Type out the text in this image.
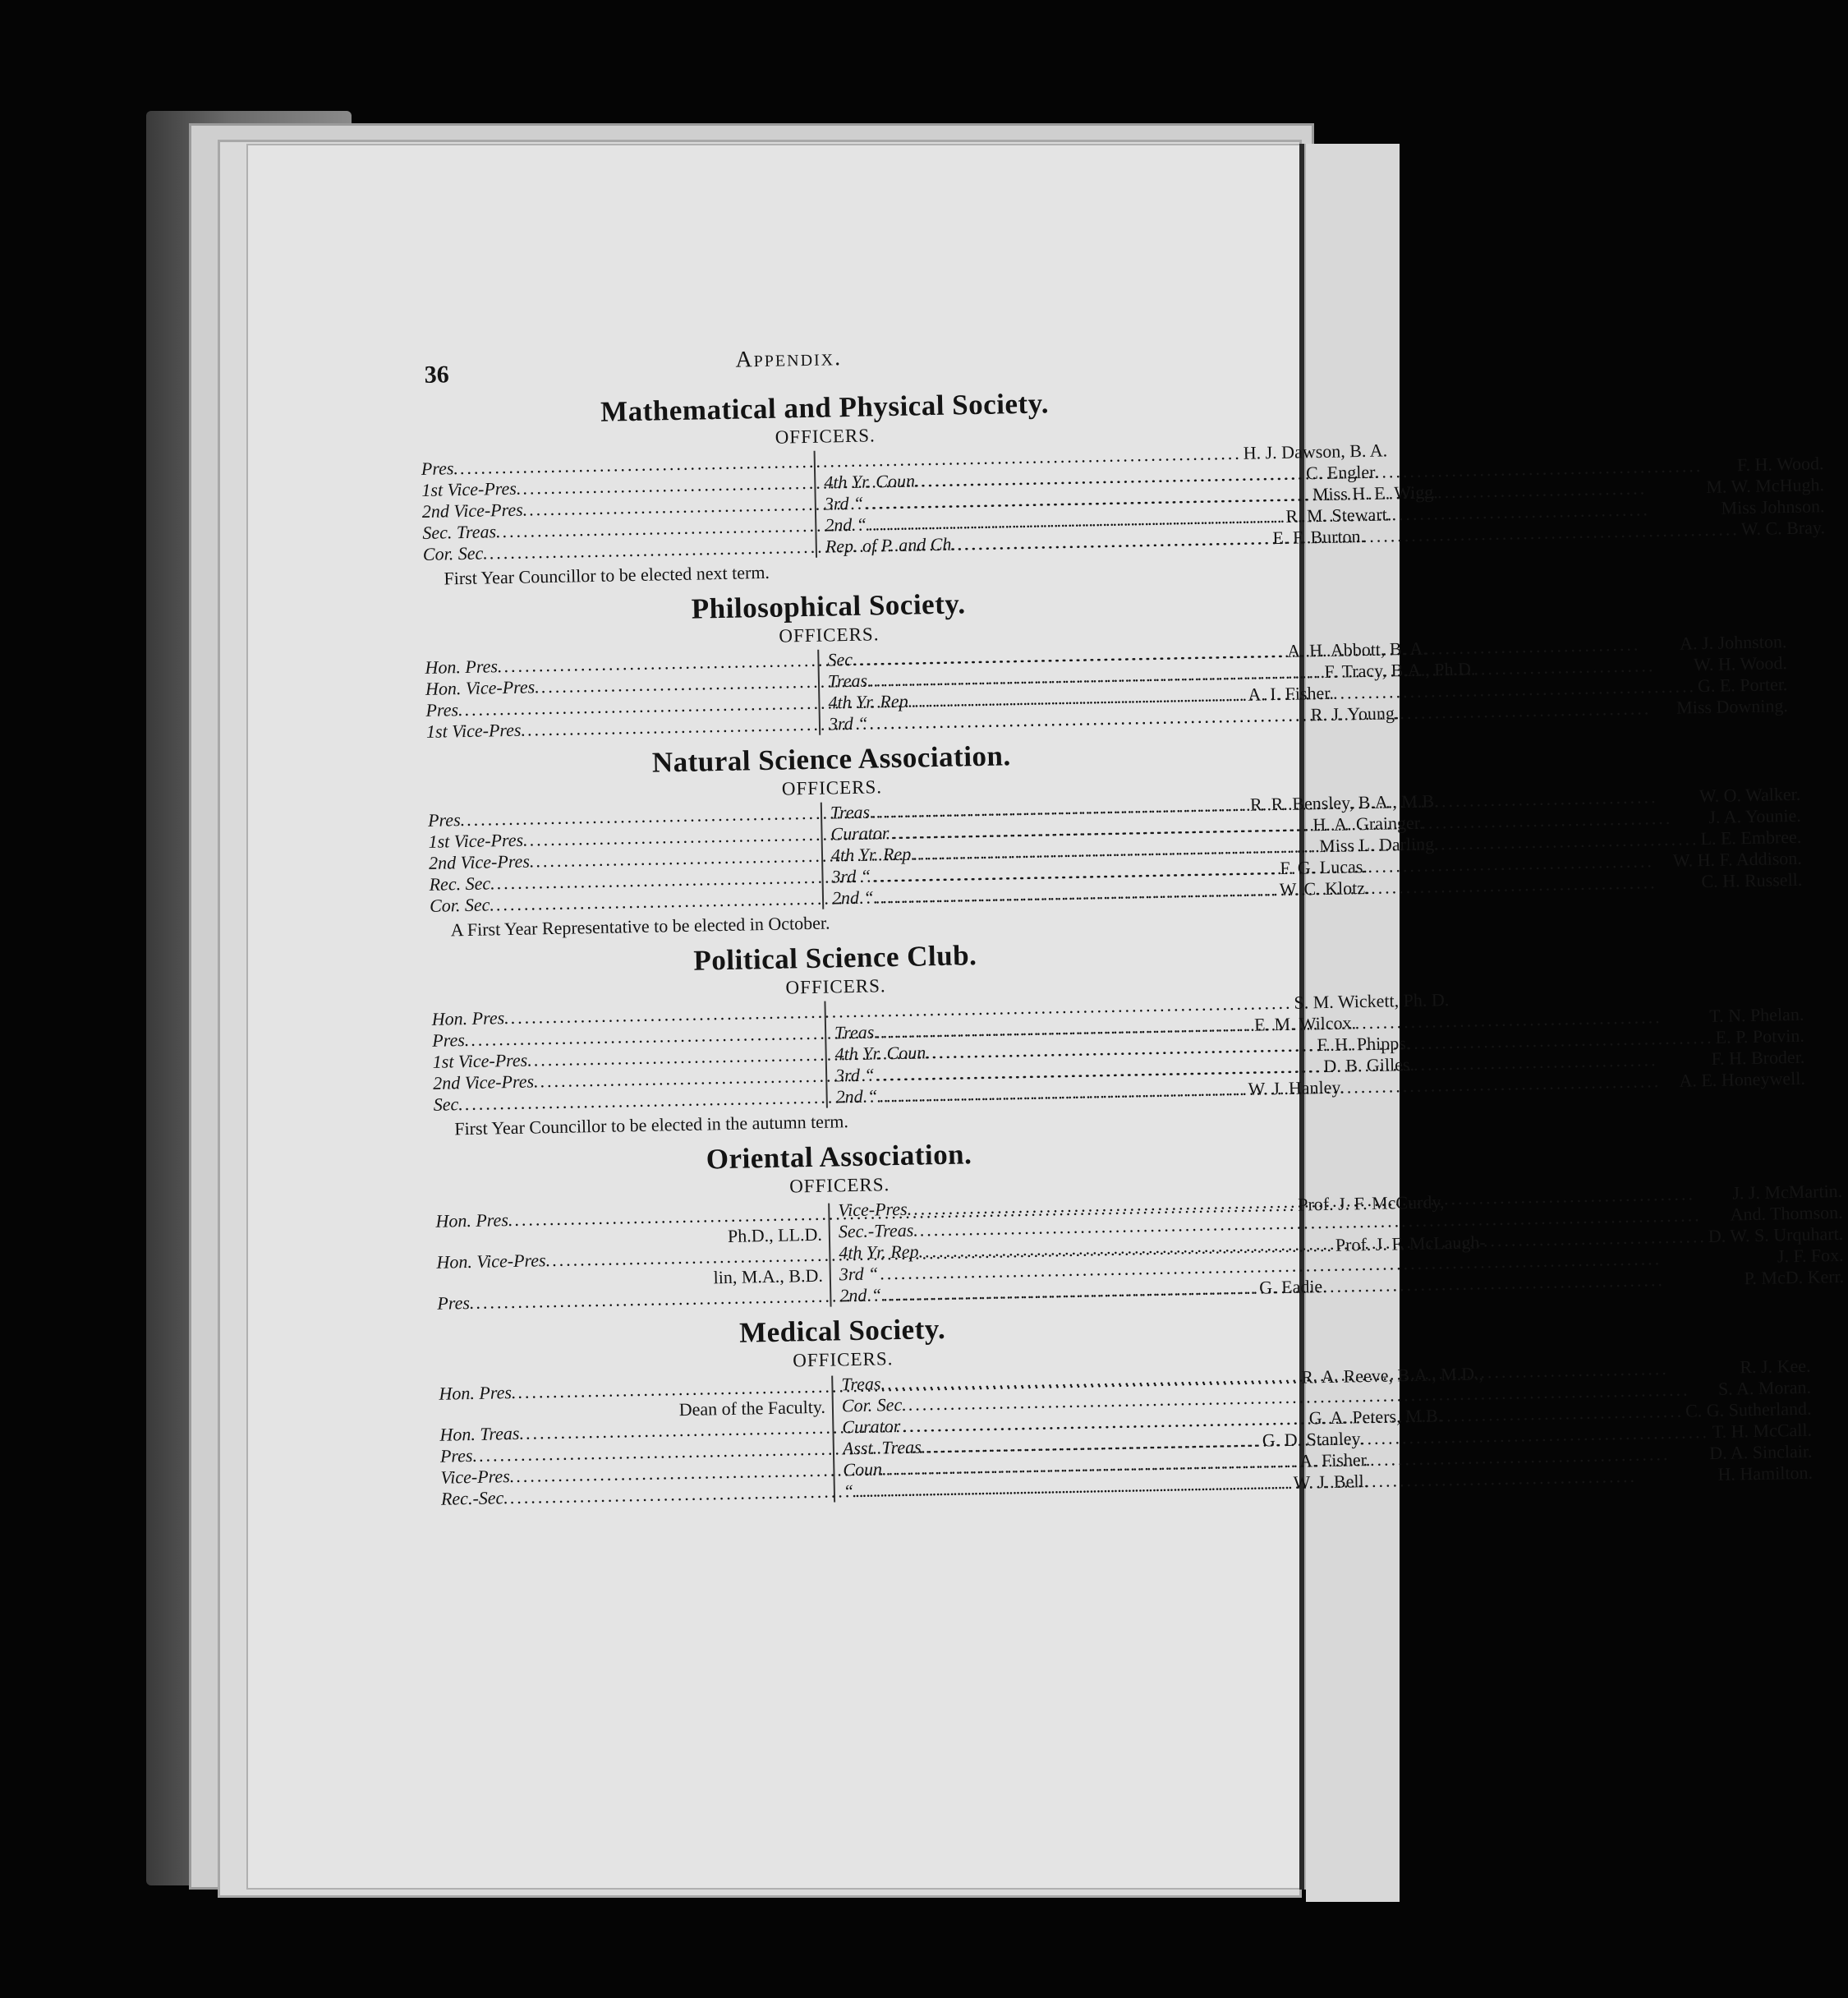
36
Appendix.
Mathematical and Physical Society.
OFFICERS.
Pres.
.....
H. J. Dawson, B. A.
1st Vice-Pres.
.....
C. Engler.
2nd Vice-Pres.
.....
Miss H. E. Wigg.
Sec. Treas.
.....
R. M. Stewart.
Cor. Sec.
.....
E. F. Burton.
4th Yr. Coun.
.....
F. H. Wood.
3rd “
.....
M. W. McHugh.
2nd “
.....
Miss Johnson.
Rep. of P. and Ch.
.....
W. C. Bray.
First Year Councillor to be elected next term.
Philosophical Society.
OFFICERS.
Hon. Pres.
.....
A. H. Abbott, B. A.
Hon. Vice-Pres.
.....
F. Tracy, B.A., Ph.D.
Pres.
.....
A. I. Fisher.
1st Vice-Pres.
.....
R. J. Young.
Sec.
.....
A. J. Johnston.
Treas.
.....
W. H. Wood.
4th Yr. Rep.
.....
G. E. Porter.
3rd “
.....
Miss Downing.
Natural Science Association.
OFFICERS.
Pres.
.....
R. R. Bensley, B.A., M.B.
1st Vice-Pres.
.....
H. A. Grainger.
2nd Vice-Pres.
.....
Miss L. Darling.
Rec. Sec.
.....
F. G. Lucas.
Cor. Sec.
.....
W. C. Klotz.
Treas.
.....
W. O. Walker.
Curator
.....
J. A. Younie.
4th Yr. Rep.
.....
L. E. Embree.
3rd “
.....
W. H. F. Addison.
2nd “
.....
C. H. Russell.
A First Year Representative to be elected in October.
Political Science Club.
OFFICERS.
Hon. Pres.
.....
S. M. Wickett, Ph. D.
Pres.
.....
E. M. Wilcox.
1st Vice-Pres.
.....
F. H. Phipps.
2nd Vice-Pres.
.....
D. B. Gilles.
Sec.
.....
W. J. Hanley.
Treas.
.....
T. N. Phelan.
4th Yr. Coun.
.....
E. P. Potvin.
3rd “
.....
F. H. Broder.
2nd “
.....
A. E. Honeywell.
First Year Councillor to be elected in the autumn term.
Oriental Association.
OFFICERS.
Hon. Pres.
.....
Prof. J. F. McCurdy,
Ph.D., LL.D.
Hon. Vice-Pres.
.....
Prof. J. F. McLaugh-
lin, M.A., B.D.
Pres.
.....
G. Eadie.
Vice-Pres.
.....
J. J. McMartin.
Sec.-Treas.
.....
And. Thomson.
4th Yr. Rep.
.....
D. W. S. Urquhart.
3rd “
.....
J. F. Fox.
2nd “
.....
P. McD. Kerr.
Medical Society.
OFFICERS.
Hon. Pres.
.....
R. A. Reeve, B.A., M.D.,
Dean of the Faculty.
Hon. Treas.
.....
G. A. Peters, M.B.
Pres.
.....
G. D. Stanley.
Vice-Pres.
.....
A. Fisher.
Rec.-Sec.
.....
W. J. Bell.
Treas.
.....
R. J. Kee.
Cor. Sec.
.....
S. A. Moran.
Curator
.....
C. G. Sutherland.
Asst. Treas.
.....
T. H. McCall.
Coun.
.....
D. A. Sinclair.
“
.....
H. Hamilton.
